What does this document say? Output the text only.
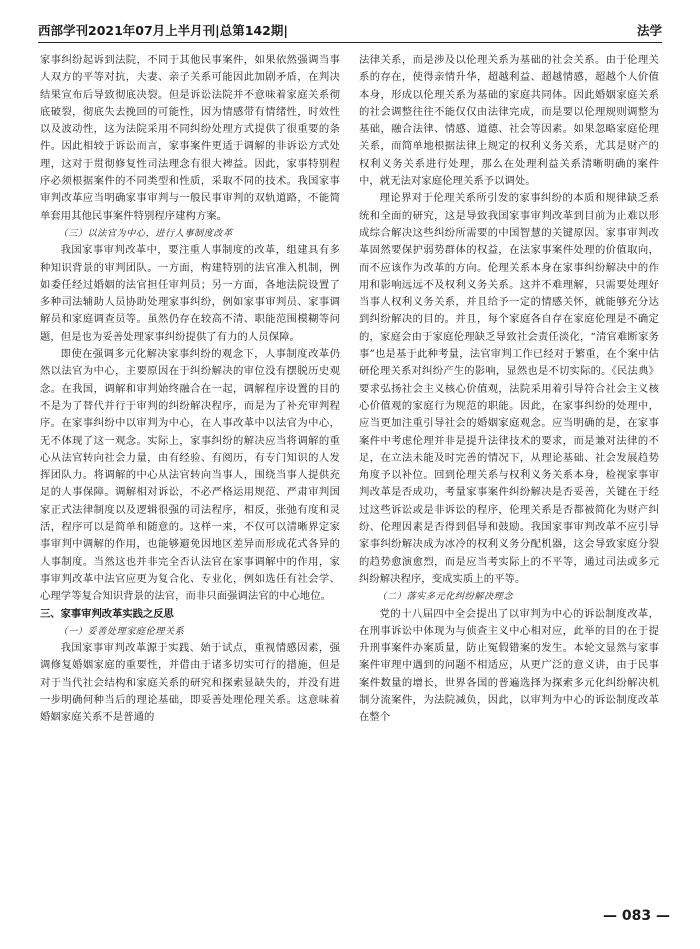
西部学刊2021年07月上半月刊|总第142期|	法学

家事纠纷起诉到法院，不同于其他民事案件，如果依然强调当事人双方的平等对抗，夫妻、亲子关系可能因此加剧矛盾，在判决结果宣布后导致彻底决裂。但是诉讼法院并不意味着家庭关系彻底破裂，彻底失去挽回的可能性，因为情感带有情绪性，时效性以及波动性，这为法院采用不同纠纷处理方式提供了很重要的条件。因此相较于诉讼而言，家事案件更适于调解的非诉讼方式处理，这对于贯彻修复性司法理念有很大裨益。因此，家事特别程序必须根据案件的不同类型和性质，采取不同的技术。我国家事审判改革应当明确家事审判与一般民事审判的双轨道路，不能简单套用其他民事案件特别程序建构方案。

（三）以法官为中心，进行人事制度改革

我国家事审判改革中，要注重人事制度的改革，组建具有多种知识背景的审判团队。一方面，构建特别的法官准入机制，例如委任经过婚姻的法官担任审判员；另一方面，各地法院设置了多种司法辅助人员协助处理家事纠纷，例如家事审判员、家事调解员和家庭调查员等。虽然仍存在较高不清、职能范围模糊等问题，但是也为妥善处理家事纠纷提供了有力的人员保障。

即使在强调多元化解决家事纠纷的观念下，人事制度改革仍然以法官为中心，主要原因在于纠纷解决的审位没有摆脱历史观念。在我国，调解和审判始终融合在一起，调解程序设置的目的不是为了替代并行于审判的纠纷解决程序，而是为了补充审判程序。在家事纠纷中以审判为中心，在人事改革中以法官为中心，无不体现了这一观念。实际上，家事纠纷的解决应当将调解的重心从法官转向社会力量，由有经验、有阅历，有专门知识的人发挥团队力。将调解的中心从法官转向当事人，围绕当事人提供充足的人事保障。调解相对诉讼，不必严格运用规范、严肃审判国家正式法律制度以及逻辑很强的司法程序，相反，张弛有度和灵活，程序可以是简单和随意的。这样一来，不仅可以清晰界定家事审判中调解的作用，也能够避免因地区差异而形成花式各异的人事制度。当然这也并非完全否认法官在家事调解中的作用，家事审判改革中法官应更为复合化、专业化，例如选任有社会学、心理学等复合知识背景的法官，而非只面强调法官的中心地位。

三、家事审判改革实践之反思
（一）妥善处理家庭伦理关系

我国家事审判改革源于实践、始于试点，重视情感因素，强调修复婚姻家庭的重要性，并借由于诸多切实可行的措施，但是对于当代社会结构和家庭关系的研究和探索显缺失的，并没有进一步明确何种当后的理论基础，即妥善处理伦理关系。这意味着婚姻家庭关系不是普通的

法律关系，而是涉及以伦理关系为基础的社会关系。由于伦理关系的存在，使得亲情升华，超越利益、超越情感，超越个人价值本身，形成以伦理关系为基础的家庭共同体。因此婚姻家庭关系的社会调整往往不能仅仅由法律完成，而是要以伦理规则调整为基础，融合法律、情感、道德、社会等因素。如果忽略家庭伦理关系，而简单地根据法律上规定的权利义务关系，尤其是财产的权利义务关系进行处理，那么在处理利益关系清晰明确的案件中，就无法对家庭伦理关系予以调处。

理论界对于伦理关系所引发的家事纠纷的本质和规律缺乏系统和全面的研究，这是导致我国家事审判改革到目前为止难以形成综合解决这些纠纷所需要的中国智慧的关键原因。家事审判改革固然要保护弱势群体的权益，在法家事案件处理的价值取向，而不应该作为改革的方向。伦理关系本身在家事纠纷解决中的作用和影响远远不及权利义务关系。这并不难理解，只需要处理好当事人权利义务关系，并且给予一定的情感关怀，就能够充分达到纠纷解决的目的。并且，每个家庭各自存在家庭伦理是不确定的，家庭会由于家庭伦理缺乏导致社会责任淡化，“清官难断家务事”也是基于此种考量，法官审判工作已经对于繁重，在个案中估研伦理关系对纠纷产生的影响，显然也是不切实际的。《民法典》要求弘扬社会主义核心价值观，法院采用着引导符合社会主义核心价值观的家庭行为规范的职能。因此，在家事纠纷的处理中，应当更加注重引导社会的婚姻家庭观念。应当明确的是，在家事案件中考虑伦理并非是提升法律技术的要求，而是兼对法律的不足，在立法未能及时完善的情况下，从理论基础、社会发展趋势角度予以补位。回到伦理关系与权利义务关系本身，检视家事审判改革是否成功，考量家事案件纠纷解决是否妥善，关键在于经过这些诉讼或是非诉讼的程序，伦理关系是否都被简化为财产纠纷、伦理因素是否得到倡导和鼓励。我国家事审判改革不应引导家事纠纷解决成为冰冷的权利义务分配机器，这会导致家庭分裂的趋势愈演愈烈，而是应当考实际上的不平等，通过司法或多元纠纷解决程序，变成实质上的平等。

（二）落实多元化纠纷解决理念

党的十八届四中全会提出了以审判为中心的诉讼制度改革，在刑事诉讼中体现为与侦查主义中心相对应，此举的目的在于提升刑事案件办案质量，防止冤假错案的发生。本轮文显然与家事案件审理中遇到的问题不相适应，从更广泛的意义讲，由于民事案件数量的增长，世界各国的普遍选择为探索多元化纠纷解决机制分流案件，为法院减负，因此，以审判为中心的诉讼制度改革在整个

— 083 —
